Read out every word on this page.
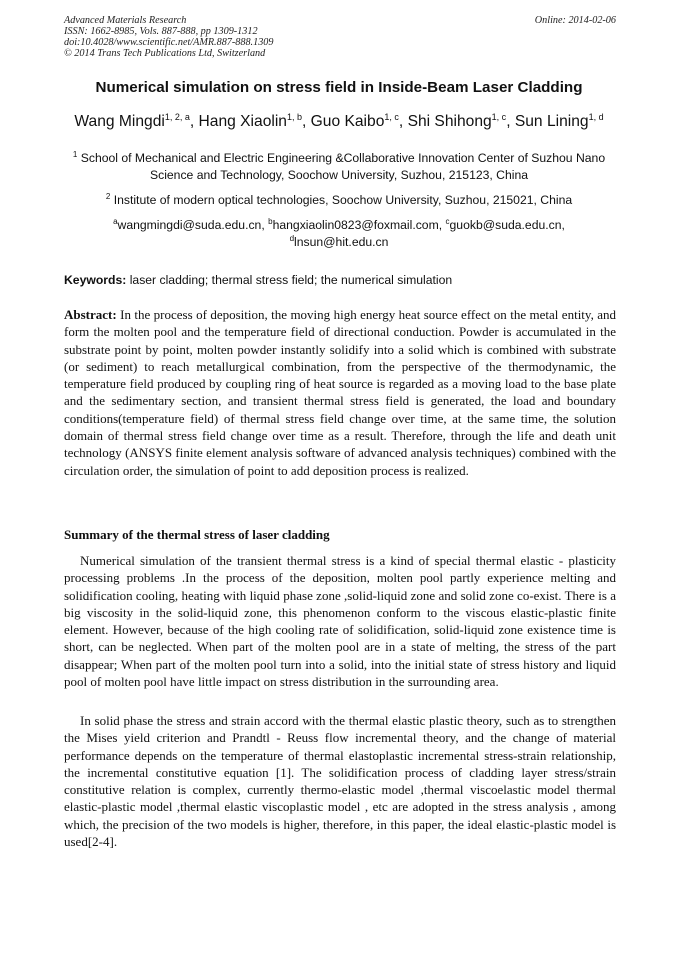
Advanced Materials Research
ISSN: 1662-8985, Vols. 887-888, pp 1309-1312
doi:10.4028/www.scientific.net/AMR.887-888.1309
© 2014 Trans Tech Publications Ltd, Switzerland
Online: 2014-02-06
Numerical simulation on stress field in Inside-Beam Laser Cladding
Wang Mingdi$^{1, 2, a}$, Hang Xiaolin$^{1, b}$, Guo Kaibo$^{1, c}$, Shi Shihong$^{1, c}$, Sun Lining$^{1, d}$
$^1$ School of Mechanical and Electric Engineering &Collaborative Innovation Center of Suzhou Nano Science and Technology, Soochow University, Suzhou, 215123, China
$^2$ Institute of modern optical technologies, Soochow University, Suzhou, 215021, China
$^a$wangmingdi@suda.edu.cn, $^b$hangxiaolin0823@foxmail.com, $^c$guokb@suda.edu.cn,
$^d$lnsun@hit.edu.cn
Keywords: laser cladding; thermal stress field; the numerical simulation

Abstract: In the process of deposition, the moving high energy heat source effect on the metal entity, and form the molten pool and the temperature field of directional conduction. Powder is accumulated in the substrate point by point, molten powder instantly solidify into a solid which is combined with substrate (or sediment) to reach metallurgical combination, from the perspective of the thermodynamic, the temperature field produced by coupling ring of heat source is regarded as a moving load to the base plate and the sedimentary section, and transient thermal stress field is generated, the load and boundary conditions(temperature field) of thermal stress field change over time, at the same time, the solution domain of thermal stress field change over time as a result. Therefore, through the life and death unit technology (ANSYS finite element analysis software of advanced analysis techniques) combined with the circulation order, the simulation of point to add deposition process is realized.

Summary of the thermal stress of laser cladding

Numerical simulation of the transient thermal stress is a kind of special thermal elastic - plasticity processing problems .In the process of the deposition, molten pool partly experience melting and solidification cooling, heating with liquid phase zone ,solid-liquid zone and solid zone co-exist. There is a big viscosity in the solid-liquid zone, this phenomenon conform to the viscous elastic-plastic finite element. However, because of the high cooling rate of solidification, solid-liquid zone existence time is short, can be neglected. When part of the molten pool are in a state of melting, the stress of the part disappear; When part of the molten pool turn into a solid, into the initial state of stress history and liquid pool of molten pool have little impact on stress distribution in the surrounding area.

In solid phase the stress and strain accord with the thermal elastic plastic theory, such as to strengthen the Mises yield criterion and Prandtl - Reuss flow incremental theory, and the change of material performance depends on the temperature of thermal elastoplastic incremental stress-strain relationship, the incremental constitutive equation [1]. The solidification process of cladding layer stress/strain constitutive relation is complex, currently thermo-elastic model ,thermal viscoelastic model thermal elastic-plastic model ,thermal elastic viscoplastic model , etc are adopted in the stress analysis , among which, the precision of the two models is higher, therefore, in this paper, the ideal elastic-plastic model is used[2-4].
